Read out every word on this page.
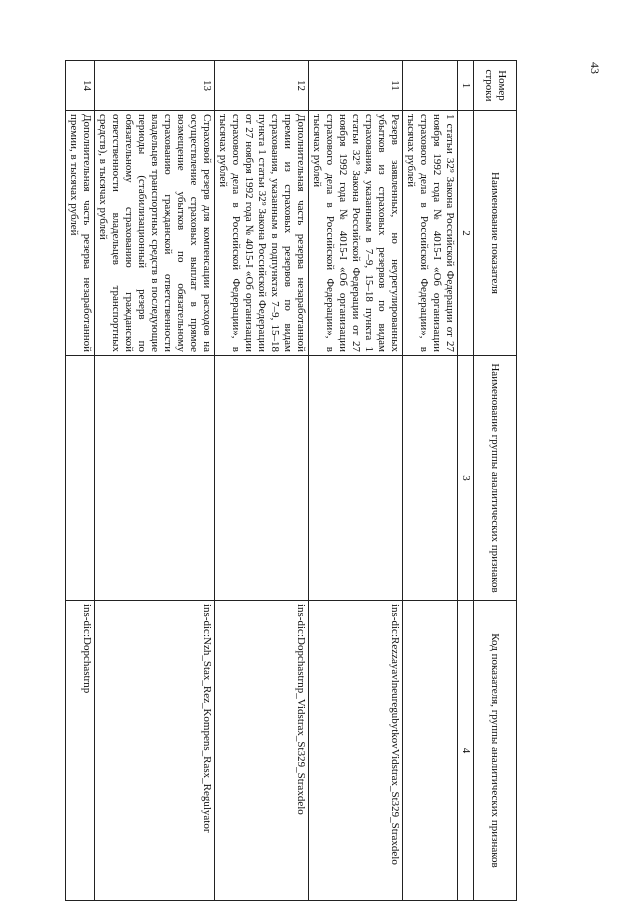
43
Номер строки	Наименование показателя	Наименование группы аналитических признаков	Код показателя, группы аналитических признаков
1	2	3	4
	1 статьи 32⁹ Закона Российской Федерации от 27 ноября 1992 года № 4015-I «Об организации страхового дела в Российской Федерации», в тысячах рублей		
11	Резерв заявленных, но неурегулированных убытков из страховых резервов по видам страхования, указанным в 7–9, 15–18 пункта 1 статьи 32⁹ Закона Российской Федерации от 27 ноября 1992 года № 4015-I «Об организации страхового дела в Российской Федерации», в тысячах рублей		ins-dic:RezzayavlneuregubytkovVidstrax_St329_Straxdelo
12	Дополнительная часть резерва незаработанной премии из страховых резервов по видам страхования, указанным в подпунктах 7–9, 15–18 пункта 1 статьи 32⁹ Закона Российской Федерации от 27 ноября 1992 года № 4015-I «Об организации страхового дела в Российской Федерации», в тысячах рублей		ins-dic:Dopchastrnp_Vidstrax_St329_Straxdelo
13	Страховой резерв для компенсации расходов на осуществление страховых выплат в прямое возмещение убытков по обязательному страхованию гражданской ответственности владельцев транспортных средств в последующие периоды (стабилизационный резерв по обязательному страхованию гражданской ответственности владельцев транспортных средств), в тысячах рублей		ins-dic:Nzh_Stax_Rez_Kompens_Rasx_Regulyator
14	Дополнительная часть резерва незаработанной премии, в тысячах рублей		ins-dic:Dopchastrnp
